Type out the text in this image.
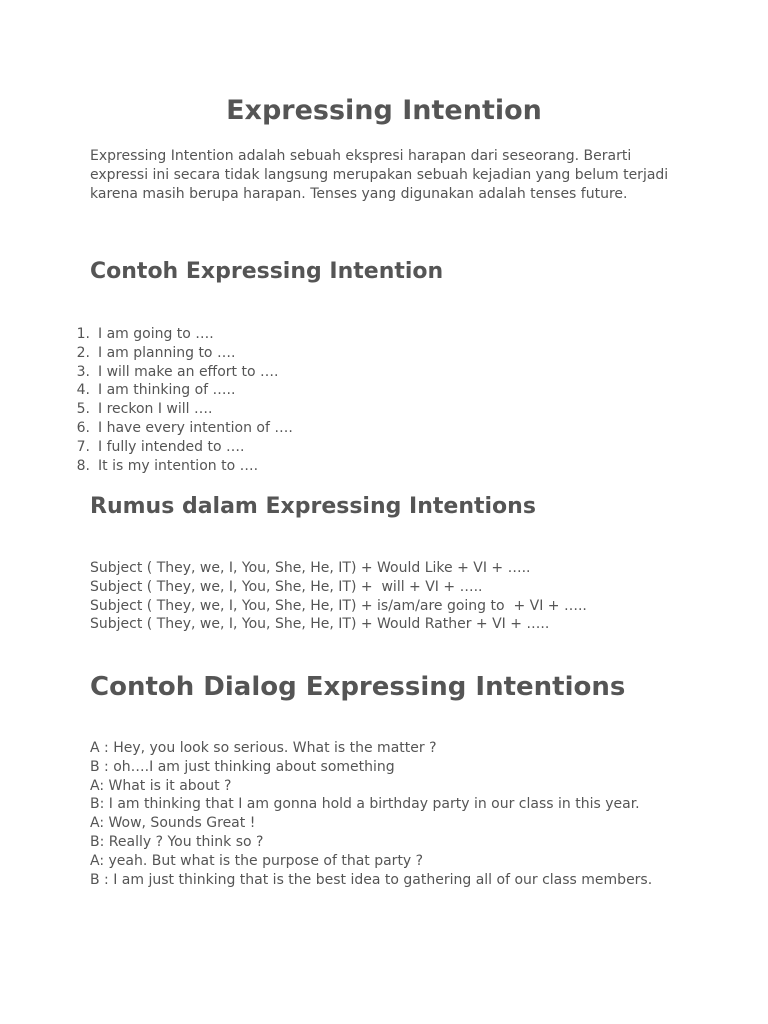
Expressing Intention

Expressing Intention adalah sebuah ekspresi harapan dari seseorang. Berarti expressi ini secara tidak langsung merupakan sebuah kejadian yang belum terjadi karena masih berupa harapan. Tenses yang digunakan adalah tenses future.

Contoh Expressing Intention
1 . I am going to ….
2 . I am planning to ….
3 . I will make an effort to ….
4 . I am thinking of …..
5 . I reckon I will ….
6 . I have every intention of ….
7 . I fully intended to ….
8 . It is my intention to ….
Rumus dalam Expressing Intentions
Subject ( They, we, I, You, She, He, IT) + Would Like + VI + …..
Subject ( They, we, I, You, She, He, IT) +  will + VI + …..
Subject ( They, we, I, You, She, He, IT) + is/am/are going to  + VI + …..
Subject ( They, we, I, You, She, He, IT) + Would Rather + VI + …..
Contoh Dialog Expressing Intentions
A : Hey, you look so serious. What is the matter ?
B : oh….I am just thinking about something
A: What is it about ?
B: I am thinking that I am gonna hold a birthday party in our class in this year.
A: Wow, Sounds Great !
B: Really ? You think so ?
A: yeah. But what is the purpose of that party ?
B : I am just thinking that is the best idea to gathering all of our class members.
